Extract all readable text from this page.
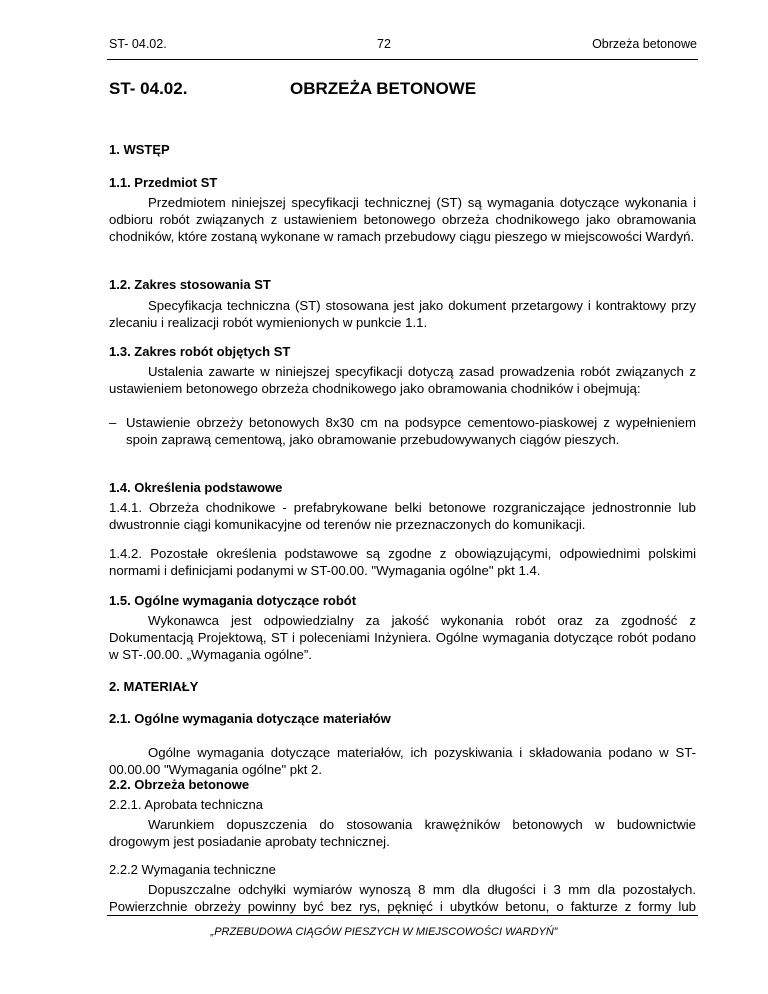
ST- 04.02.	72	Obrzeża betonowe
ST- 04.02.	OBRZEŻA BETONOWE
1. WSTĘP
1.1. Przedmiot ST
Przedmiotem niniejszej specyfikacji technicznej (ST) są wymagania dotyczące wykonania i odbioru robót związanych z ustawieniem betonowego obrzeża chodnikowego jako obramowania chodników, które zostaną wykonane w ramach przebudowy ciągu pieszego w miejscowości Wardyń.
1.2. Zakres stosowania ST
Specyfikacja techniczna (ST) stosowana jest jako dokument przetargowy i kontraktowy przy zlecaniu i realizacji robót wymienionych w punkcie 1.1.
1.3. Zakres robót objętych ST
Ustalenia zawarte w niniejszej specyfikacji dotyczą zasad prowadzenia robót związanych z ustawieniem betonowego obrzeża chodnikowego jako obramowania chodników i obejmują:
– Ustawienie obrzeży betonowych 8x30 cm na podsypce cementowo-piaskowej z wypełnieniem spoin zaprawą cementową, jako obramowanie przebudowywanych ciągów pieszych.
1.4. Określenia podstawowe
1.4.1. Obrzeża chodnikowe - prefabrykowane belki betonowe rozgraniczające jednostronnie lub dwustronnie ciągi komunikacyjne od terenów nie przeznaczonych do komunikacji.
1.4.2. Pozostałe określenia podstawowe są zgodne z obowiązującymi, odpowiednimi polskimi normami i definicjami podanymi w ST-00.00. "Wymagania ogólne" pkt 1.4.
1.5. Ogólne wymagania dotyczące robót
Wykonawca jest odpowiedzialny za jakość wykonania robót oraz za zgodność z Dokumentacją Projektową, ST i poleceniami Inżyniera. Ogólne wymagania dotyczące robót podano w ST-.00.00. „Wymagania ogólne”.
2. MATERIAŁY
2.1. Ogólne wymagania dotyczące materiałów
Ogólne wymagania dotyczące materiałów, ich pozyskiwania i składowania podano w ST-00.00.00 "Wymagania ogólne" pkt 2.
2.2. Obrzeża betonowe
2.2.1. Aprobata techniczna
Warunkiem dopuszczenia do stosowania krawężników betonowych w budownictwie drogowym jest posiadanie aprobaty technicznej.
2.2.2 Wymagania techniczne
Dopuszczalne odchyłki wymiarów wynoszą 8 mm dla długości i 3 mm dla pozostałych. Powierzchnie obrzeży powinny być bez rys, pęknięć i ubytków betonu, o fakturze z formy lub
„PRZEBUDOWA CIĄGÓW PIESZYCH W MIEJSCOWOŚCI WARDYŃ”
